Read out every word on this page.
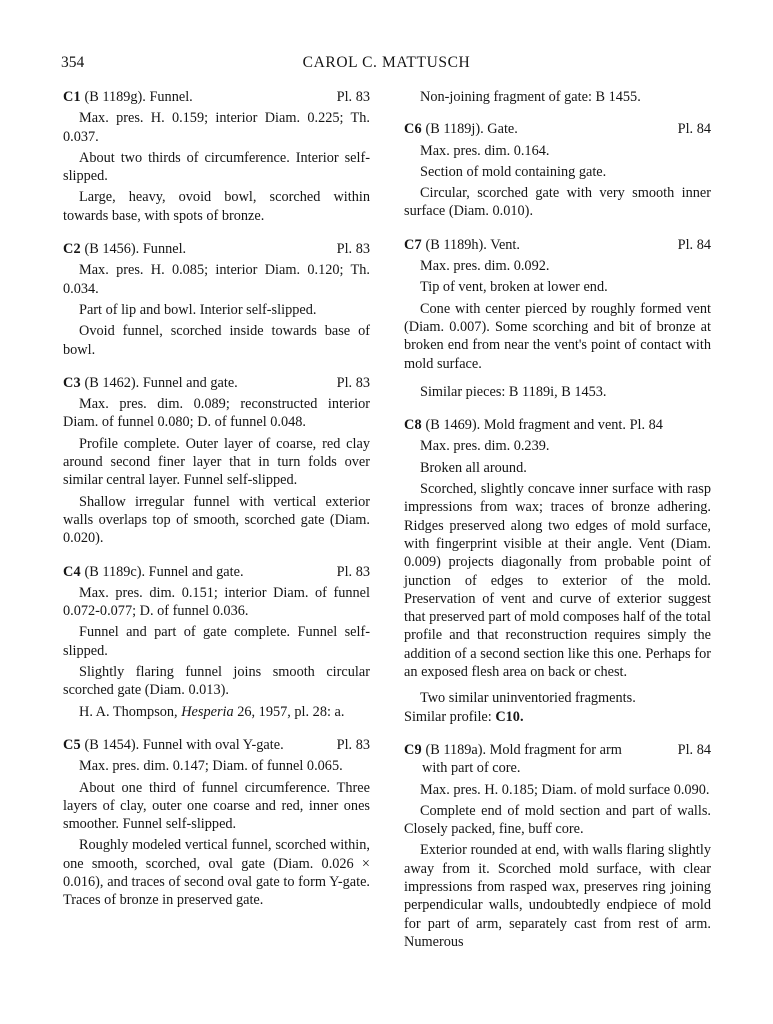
354	CAROL C. MATTUSCH
C1 (B 1189g). Funnel.	Pl. 83

Max. pres. H. 0.159; interior Diam. 0.225; Th. 0.037.

About two thirds of circumference. Interior self-slipped.

Large, heavy, ovoid bowl, scorched within towards base, with spots of bronze.

C2 (B 1456). Funnel.	Pl. 83

Max. pres. H. 0.085; interior Diam. 0.120; Th. 0.034.

Part of lip and bowl. Interior self-slipped.

Ovoid funnel, scorched inside towards base of bowl.

C3 (B 1462). Funnel and gate.	Pl. 83

Max. pres. dim. 0.089; reconstructed interior Diam. of funnel 0.080; D. of funnel 0.048.

Profile complete. Outer layer of coarse, red clay around second finer layer that in turn folds over similar central layer. Funnel self-slipped.

Shallow irregular funnel with vertical exterior walls overlaps top of smooth, scorched gate (Diam. 0.020).

C4 (B 1189c). Funnel and gate.	Pl. 83

Max. pres. dim. 0.151; interior Diam. of funnel 0.072-0.077; D. of funnel 0.036.

Funnel and part of gate complete. Funnel self-slipped.

Slightly flaring funnel joins smooth circular scorched gate (Diam. 0.013).

H. A. Thompson, Hesperia 26, 1957, pl. 28: a.

C5 (B 1454). Funnel with oval Y-gate.	Pl. 83

Max. pres. dim. 0.147; Diam. of funnel 0.065.

About one third of funnel circumference. Three layers of clay, outer one coarse and red, inner ones smoother. Funnel self-slipped.

Roughly modeled vertical funnel, scorched within, one smooth, scorched, oval gate (Diam. 0.026 × 0.016), and traces of second oval gate to form Y-gate. Traces of bronze in preserved gate.

Non-joining fragment of gate: B 1455.

C6 (B 1189j). Gate.	Pl. 84

Max. pres. dim. 0.164.

Section of mold containing gate.

Circular, scorched gate with very smooth inner surface (Diam. 0.010).

C7 (B 1189h). Vent.	Pl. 84

Max. pres. dim. 0.092.

Tip of vent, broken at lower end.

Cone with center pierced by roughly formed vent (Diam. 0.007). Some scorching and bit of bronze at broken end from near the vent's point of contact with mold surface.

Similar pieces: B 1189i, B 1453.

C8 (B 1469). Mold fragment and vent. Pl. 84

Max. pres. dim. 0.239.

Broken all around.

Scorched, slightly concave inner surface with rasp impressions from wax; traces of bronze adhering. Ridges preserved along two edges of mold surface, with fingerprint visible at their angle. Vent (Diam. 0.009) projects diagonally from probable point of junction of edges to exterior of the mold. Preservation of vent and curve of exterior suggest that preserved part of mold composes half of the total profile and that reconstruction requires simply the addition of a second section like this one. Perhaps for an exposed flesh area on back or chest.

Two similar uninventoried fragments.

Similar profile: C10.
C9 (B 1189a). Mold fragment for arm	Pl. 84
with part of core.

Max. pres. H. 0.185; Diam. of mold surface 0.090.

Complete end of mold section and part of walls. Closely packed, fine, buff core.

Exterior rounded at end, with walls flaring slightly away from it. Scorched mold surface, with clear impressions from rasped wax, preserves ring joining perpendicular walls, undoubtedly endpiece of mold for part of arm, separately cast from rest of arm. Numerous
